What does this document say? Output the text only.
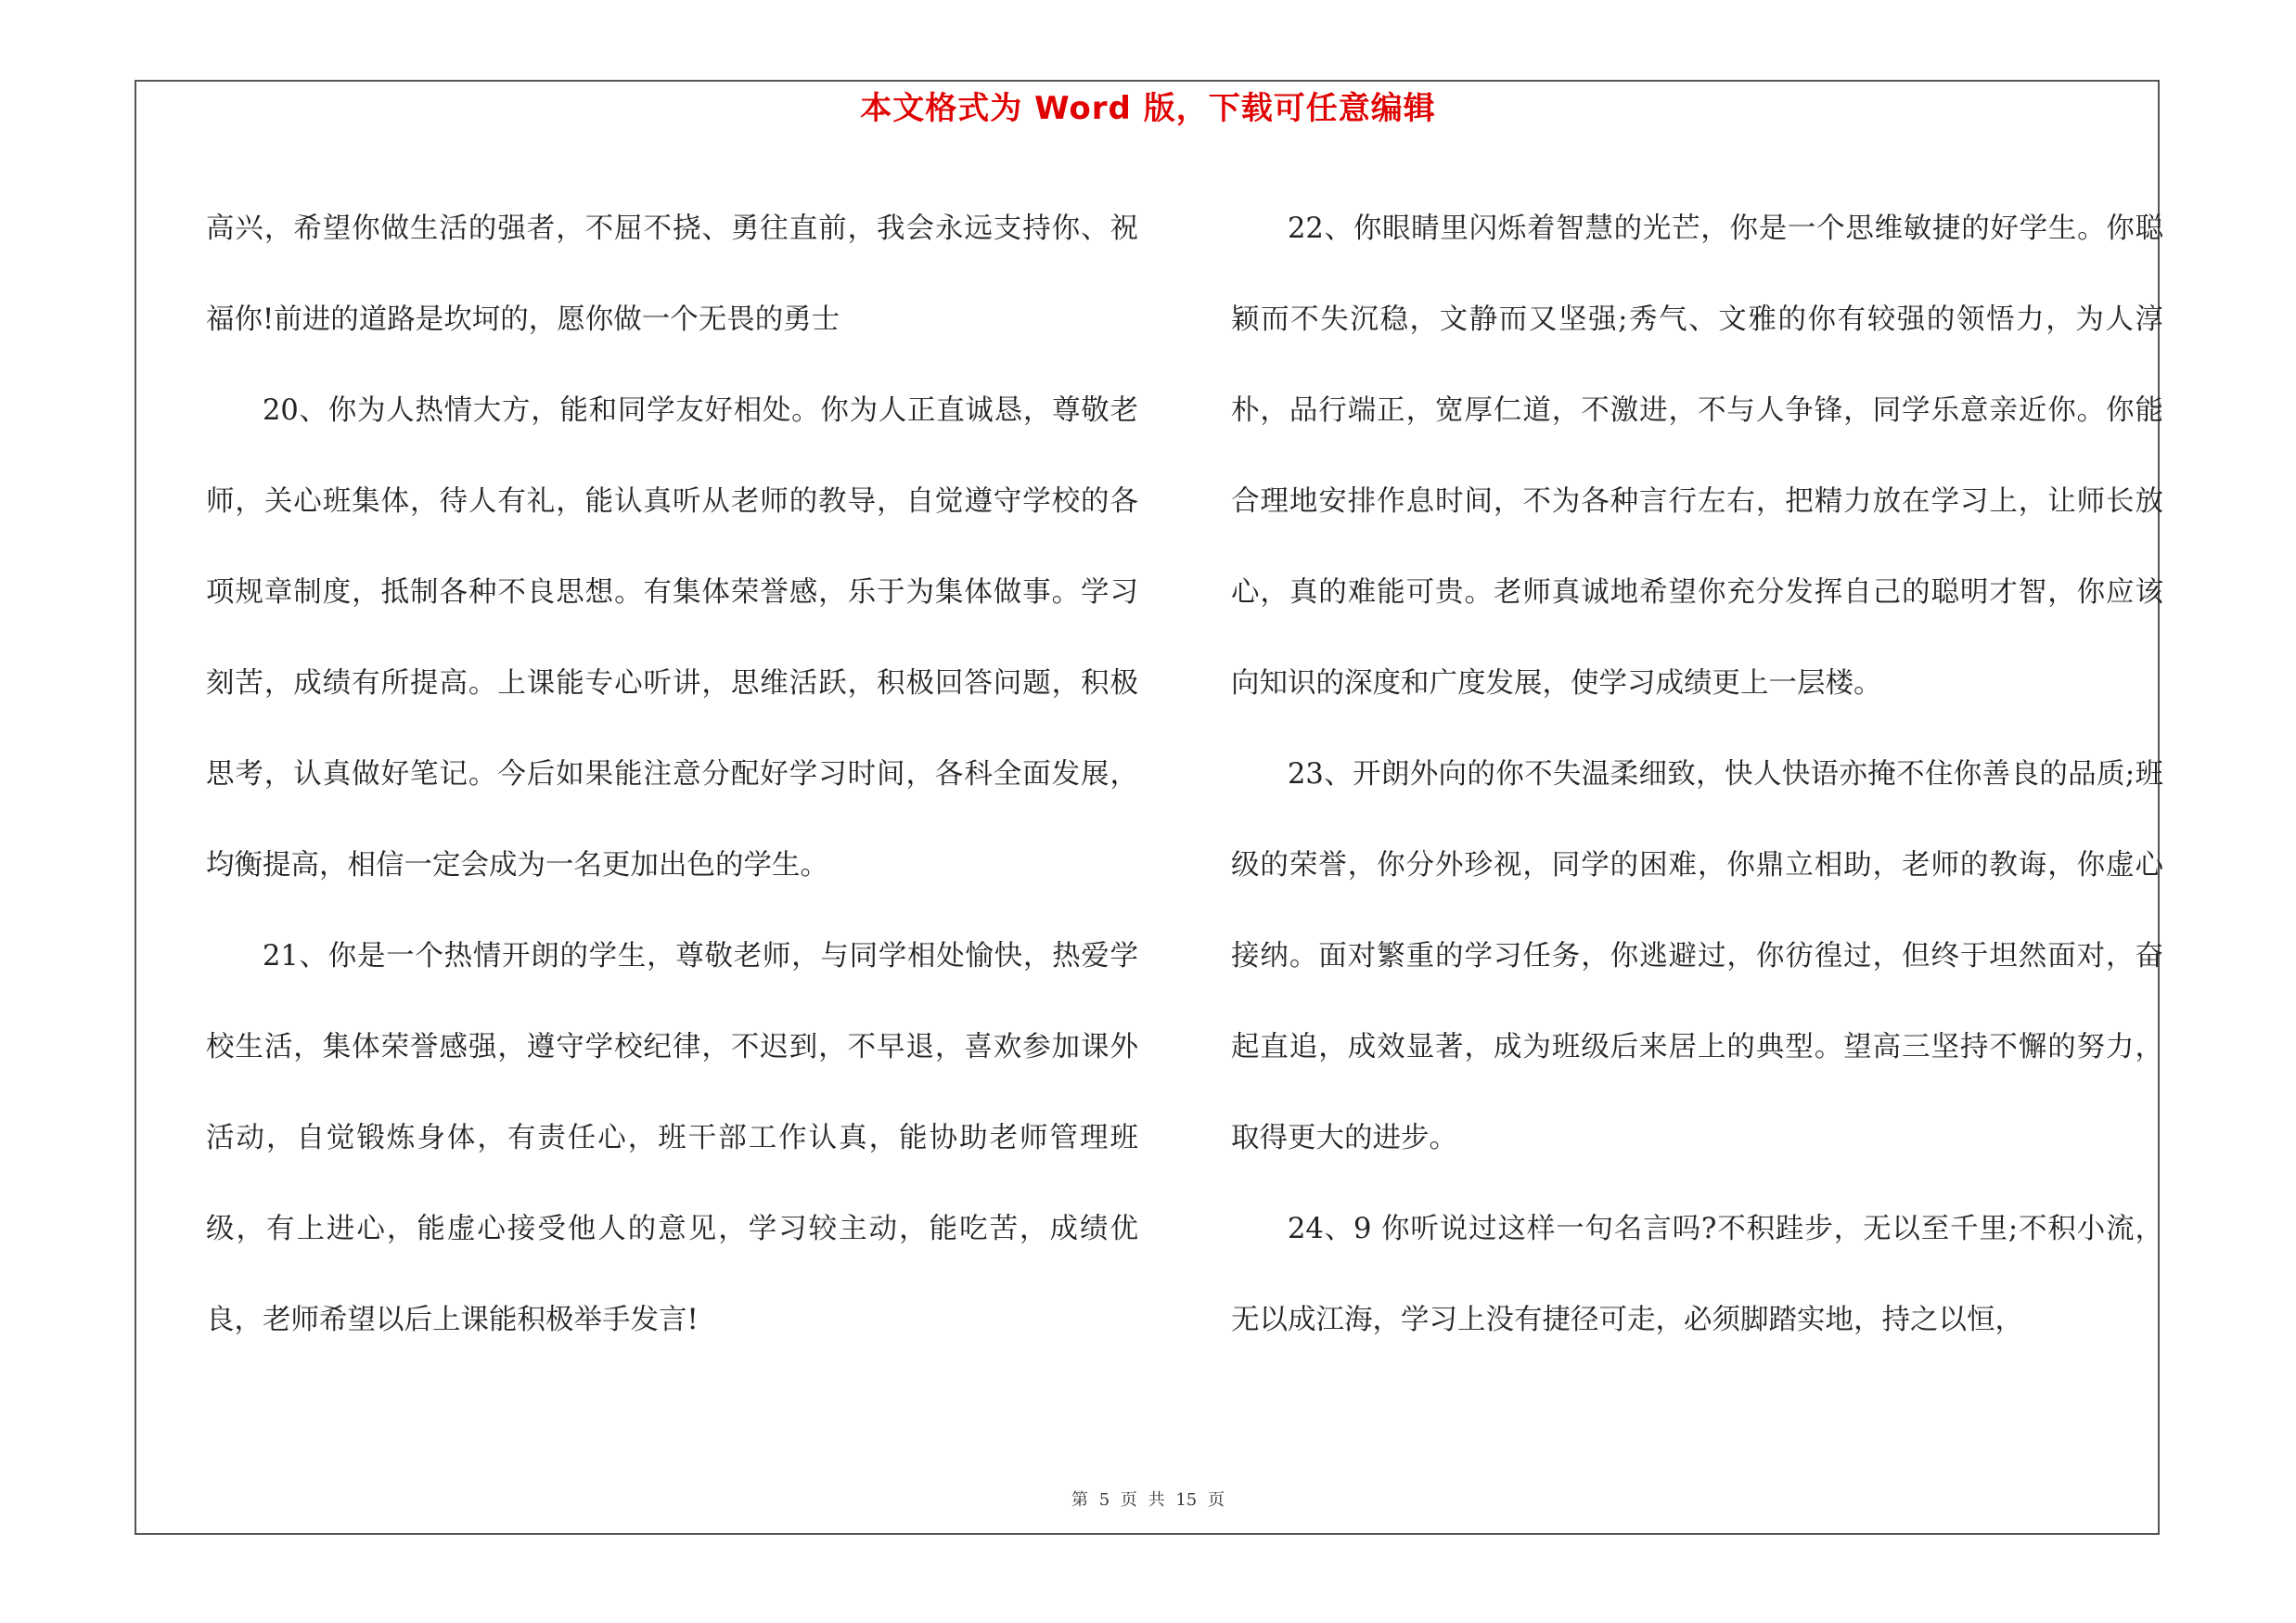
本文格式为 Word 版，下载可任意编辑

高兴，希望你做生活的强者，不屈不挠、勇往直前，我会永远支持你、祝福你!前进的道路是坎坷的，愿你做一个无畏的勇士

20、你为人热情大方，能和同学友好相处。你为人正直诚恳，尊敬老师，关心班集体，待人有礼，能认真听从老师的教导，自觉遵守学校的各项规章制度，抵制各种不良思想。有集体荣誉感，乐于为集体做事。学习刻苦，成绩有所提高。上课能专心听讲，思维活跃，积极回答问题，积极思考，认真做好笔记。今后如果能注意分配好学习时间，各科全面发展，均衡提高，相信一定会成为一名更加出色的学生。

21、你是一个热情开朗的学生，尊敬老师，与同学相处愉快，热爱学校生活，集体荣誉感强，遵守学校纪律，不迟到，不早退，喜欢参加课外活动，自觉锻炼身体，有责任心，班干部工作认真，能协助老师管理班级，有上进心，能虚心接受他人的意见，学习较主动，能吃苦，成绩优良，老师希望以后上课能积极举手发言!

22、你眼睛里闪烁着智慧的光芒，你是一个思维敏捷的好学生。你聪颖而不失沉稳，文静而又坚强;秀气、文雅的你有较强的领悟力，为人淳朴，品行端正，宽厚仁道，不激进，不与人争锋，同学乐意亲近你。你能合理地安排作息时间，不为各种言行左右，把精力放在学习上，让师长放心，真的难能可贵。老师真诚地希望你充分发挥自己的聪明才智，你应该向知识的深度和广度发展，使学习成绩更上一层楼。

23、开朗外向的你不失温柔细致，快人快语亦掩不住你善良的品质;班级的荣誉，你分外珍视，同学的困难，你鼎立相助，老师的教诲，你虚心接纳。面对繁重的学习任务，你逃避过，你彷徨过，但终于坦然面对，奋起直追，成效显著，成为班级后来居上的典型。望高三坚持不懈的努力，取得更大的进步。

24、9 你听说过这样一句名言吗?不积跬步，无以至千里;不积小流，无以成江海，学习上没有捷径可走，必须脚踏实地，持之以恒，

第 5 页 共 15 页
